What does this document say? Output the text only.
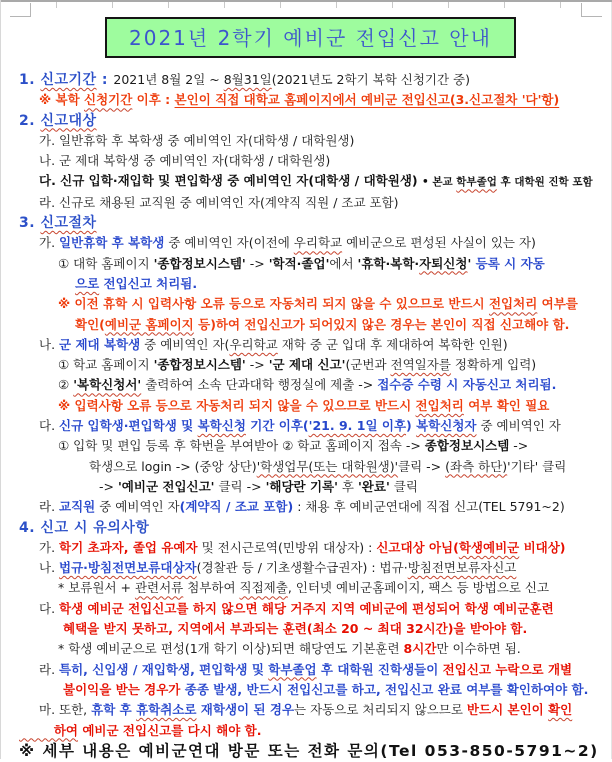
2021년 2학기 예비군 전입신고 안내
1. 신고기간 : 2021년 8월 2일 ~ 8월31일(2021년도 2학기 복학 신청기간 중)
※ 복학 신청기간 이후 : 본인이 직접 대학교 홈페이지에서 예비군 전입신고(3.신고절차 '다'항)
2. 신고대상
가. 일반휴학 후 복학생 중 예비역인 자(대학생 / 대학원생)
나. 군 제대 복학생 중 예비역인 자(대학생 / 대학원생)
다. 신규 입학·재입학 및 편입학생 중 예비역인 자(대학생 / 대학원생) • 본교 학부졸업 후 대학원 진학 포함
라. 신규로 채용된 교직원 중 예비역인 자(계약직 직원 / 조교 포함)
3. 신고절차
가. 일반휴학 후 복학생 중 예비역인 자(이전에 우리학교 예비군으로 편성된 사실이 있는 자)
① 대학 홈페이지 '종합정보시스템' -> '학적·졸업'에서 '휴학·복학·자퇴신청' 등록 시 자동
으로 전입신고 처리됨.
※ 이전 휴학 시 입력사항 오류 등으로 자동처리 되지 않을 수 있으므로 반드시 전입처리 여부를
확인(예비군 홈페이지 등)하여 전입신고가 되어있지 않은 경우는 본인이 직접 신고해야 함.
나. 군 제대 복학생 중 예비역인 자(우리학교 재학 중 군 입대 후 제대하여 복학한 인원)
① 학교 홈페이지 '종합정보시스템' -> '군 제대 신고'(군번과 전역일자를 정확하게 입력)
② '복학신청서' 출력하여 소속 단과대학 행정실에 제출 -> 접수증 수령 시 자동신고 처리됨.
※ 입력사항 오류 등으로 자동처리 되지 않을 수 있으므로 반드시 전입처리 여부 확인 필요
다. 신규 입학생·편입학생 및 복학신청 기간 이후('21. 9. 1일 이후) 복학신청자 중 예비역인 자
① 입학 및 편입 등록 후 학번을 부여받아 ② 학교 홈페이지 접속 -> 종합정보시스템 ->
학생으로 login -> (중앙 상단)'학생업무(또는 대학원생)'클릭 -> (좌측 하단)'기타' 클릭
-> '예비군 전입신고' 클릭 -> '해당란 기록' 후 '완료' 클릭
라. 교직원 중 예비역인 자(계약직 / 조교 포함) : 채용 후 예비군연대에 직접 신고(TEL 5791~2)
4. 신고 시 유의사항
가. 학기 초과자, 졸업 유예자 및 전시근로역(민방위 대상자) : 신고대상 아님(학생예비군 비대상)
나. 법규·방침전면보류대상자(경찰관 등 / 기초생활수급권자) : 법규·방침전면보류자신고
* 보류원서 + 관련서류 첨부하여 직접제출, 인터넷 예비군홈페이지, 팩스 등 방법으로 신고
다. 학생 예비군 전입신고를 하지 않으면 해당 거주지 지역 예비군에 편성되어 학생 예비군훈련
혜택을 받지 못하고, 지역에서 부과되는 훈련(최소 20 ~ 최대 32시간)을 받아야 함.
* 학생 예비군으로 편성(1개 학기 이상)되면 해당연도 기본훈련 8시간만 이수하면 됨.
라. 특히, 신입생 / 재입학생, 편입학생 및 학부졸업 후 대학원 진학생들이 전입신고 누락으로 개별
불이익을 받는 경우가 종종 발생, 반드시 전입신고를 하고, 전입신고 완료 여부를 확인하여야 함.
마. 또한, 휴학 후 휴학취소로 재학생이 된 경우는 자동으로 처리되지 않으므로 반드시 본인이 확인
하여 예비군 전입신고를 다시 해야 함.
※ 세부 내용은 예비군연대 방문 또는 전화 문의(Tel 053-850-5791~2)
